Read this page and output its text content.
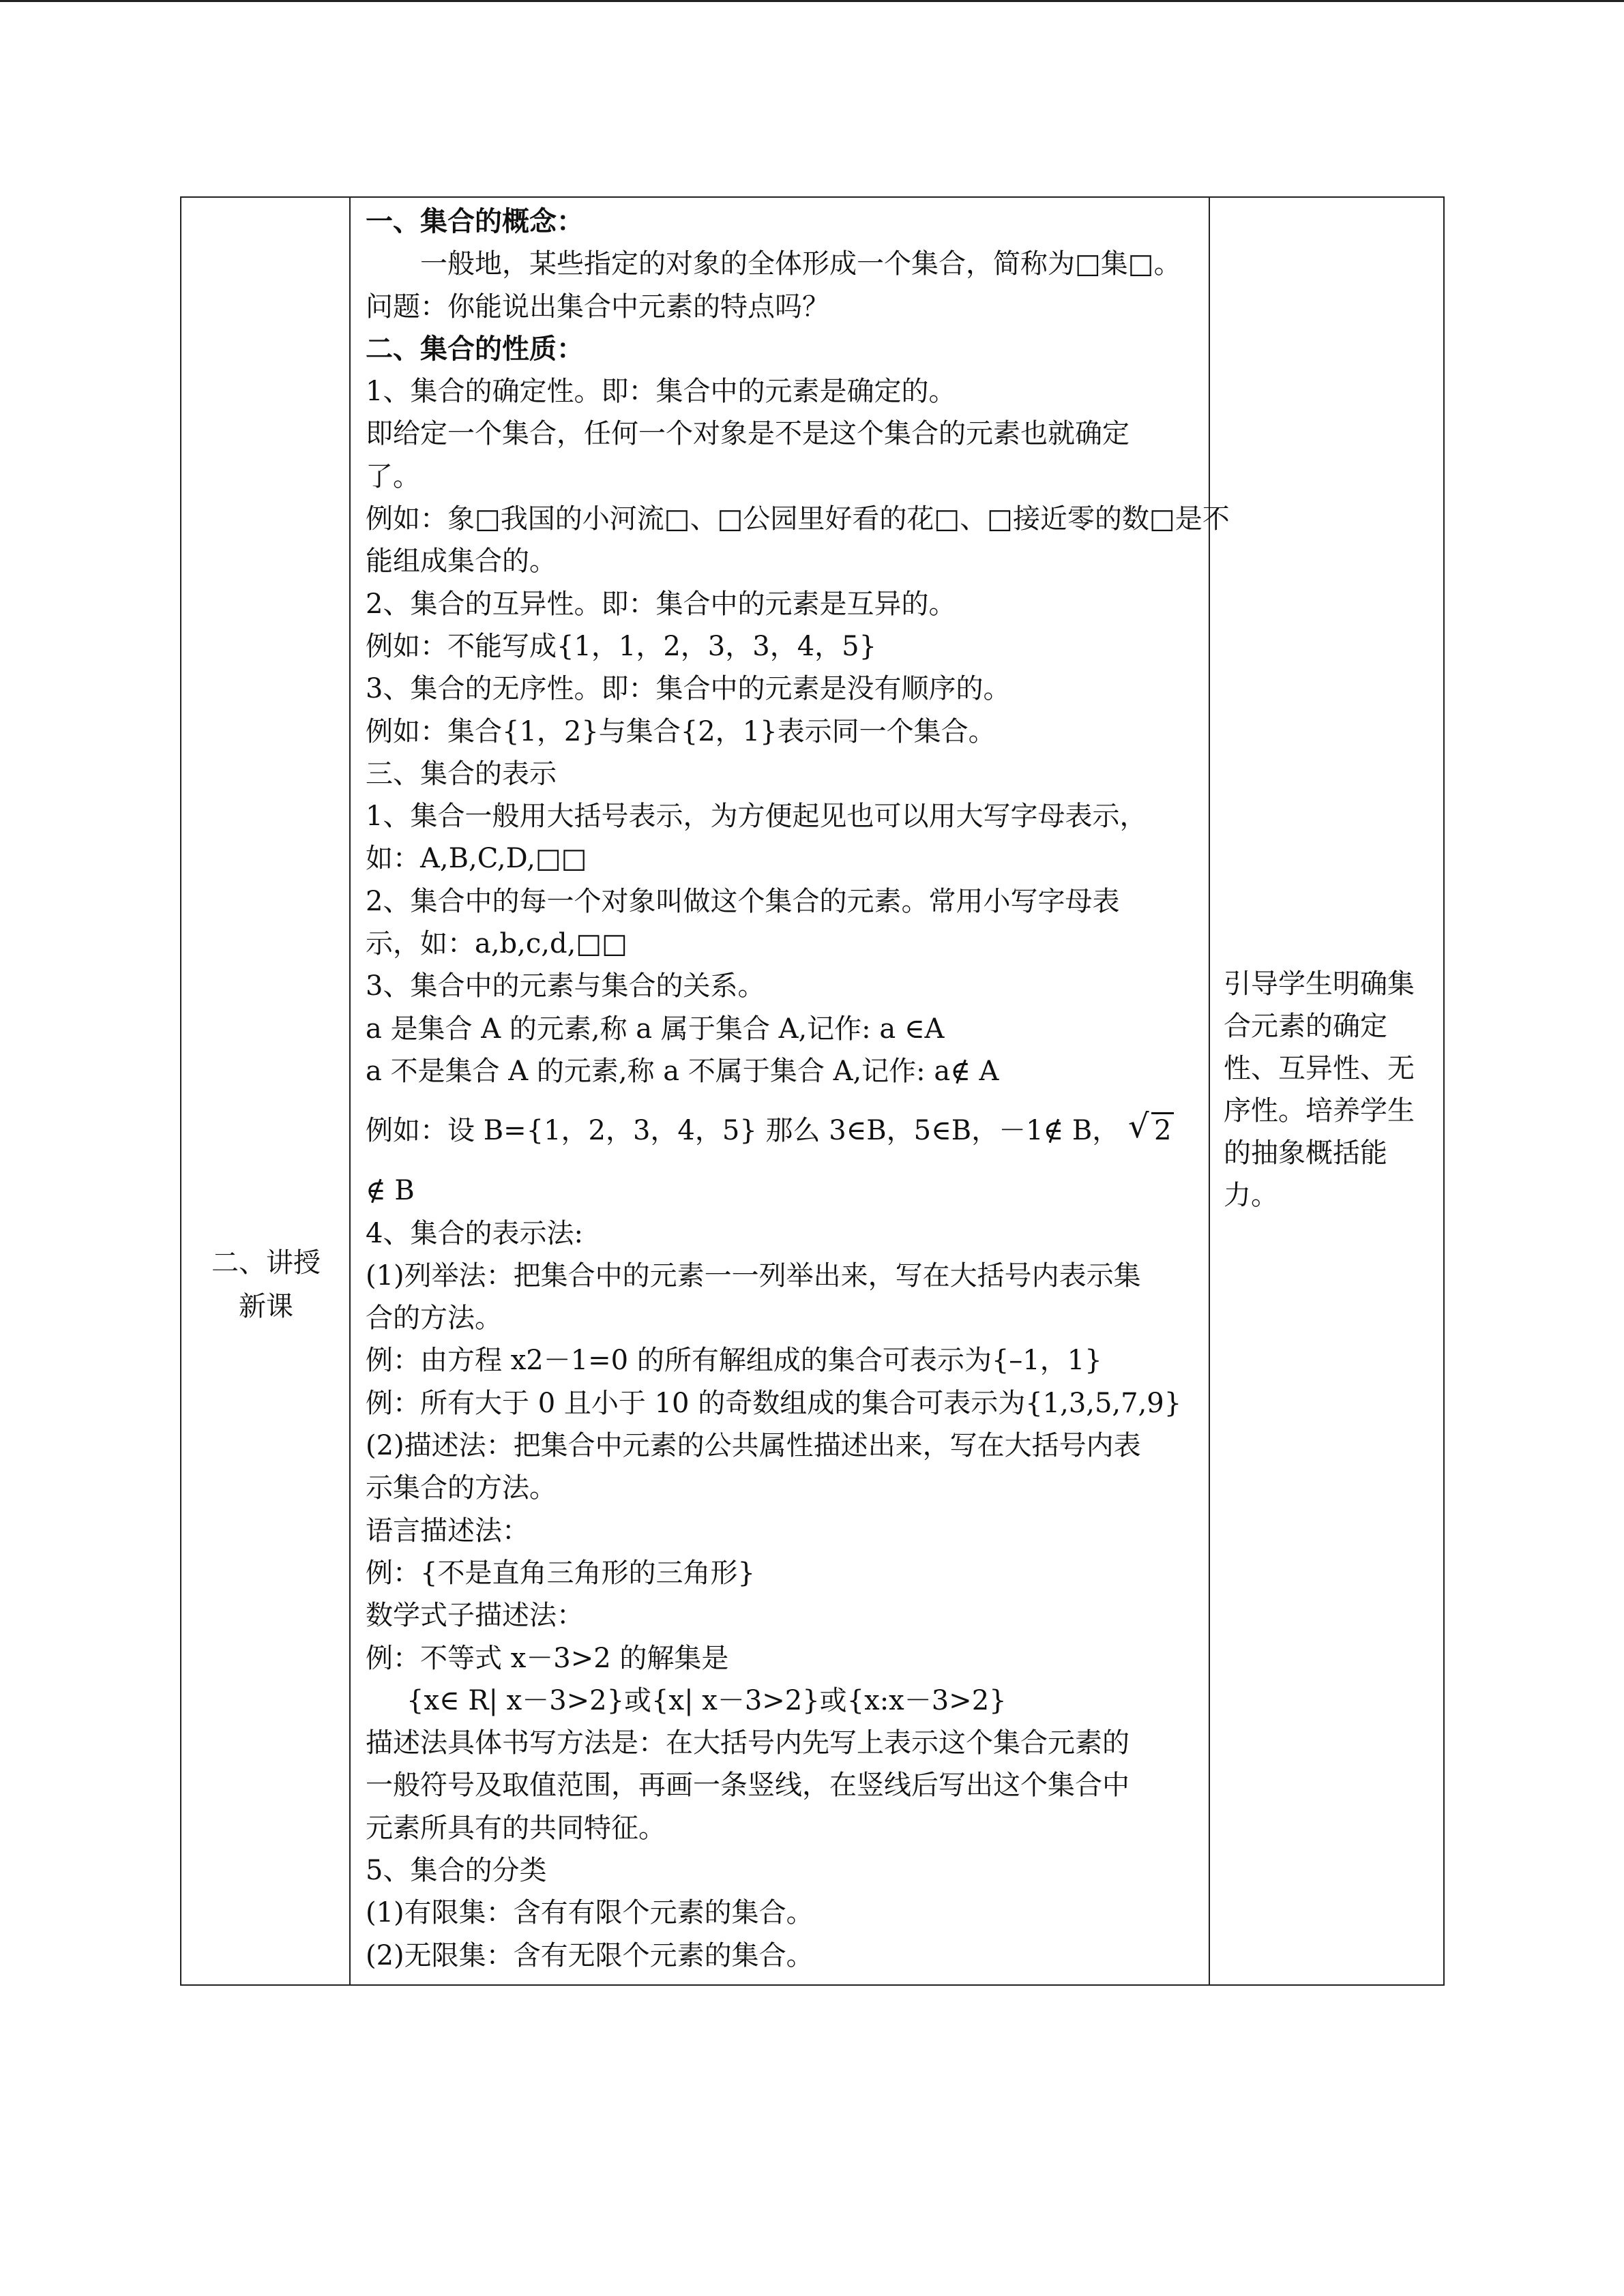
二、讲授
新课
一、集合的概念：
一般地，某些指定的对象的全体形成一个集合，简称为□集□。
问题：你能说出集合中元素的特点吗？
二、集合的性质：
1、集合的确定性。即：集合中的元素是确定的。
即给定一个集合，任何一个对象是不是这个集合的元素也就确定
了。
例如：象□我国的小河流□、□公园里好看的花□、□接近零的数□是不
能组成集合的。
2、集合的互异性。即：集合中的元素是互异的。
例如：不能写成{1，1，2，3，3，4，5}
3、集合的无序性。即：集合中的元素是没有顺序的。
例如：集合{1，2}与集合{2，1}表示同一个集合。
三、集合的表示
1、集合一般用大括号表示，为方便起见也可以用大写字母表示，
如：A,B,C,D,□□
2、集合中的每一个对象叫做这个集合的元素。常用小写字母表
示，如：a,b,c,d,□□
3、集合中的元素与集合的关系。
a 是集合 A 的元素,称 a 属于集合 A,记作: a ∈A
a 不是集合 A 的元素,称 a 不属于集合 A,记作: a∉ A
例如：设 B={1，2，3，4，5} 那么 3∈B，5∈B，－1∉ B， √ 2
∉ B
4、集合的表示法:
(1)列举法：把集合中的元素一一列举出来，写在大括号内表示集
合的方法。
例：由方程 x2－1=0 的所有解组成的集合可表示为{–1，1}
例：所有大于 0 且小于 10 的奇数组成的集合可表示为{1,3,5,7,9}
(2)描述法：把集合中元素的公共属性描述出来，写在大括号内表
示集合的方法。
语言描述法：
例：{不是直角三角形的三角形}
数学式子描述法：
例：不等式 x－3>2 的解集是
{x∈ R| x－3>2}或{x| x－3>2}或{x:x－3>2}
描述法具体书写方法是：在大括号内先写上表示这个集合元素的
一般符号及取值范围，再画一条竖线，在竖线后写出这个集合中
元素所具有的共同特征。
5、集合的分类
(1)有限集：含有有限个元素的集合。
(2)无限集：含有无限个元素的集合。
引导学生明确集
合元素的确定
性、互异性、无
序性。培养学生
的抽象概括能
力。
